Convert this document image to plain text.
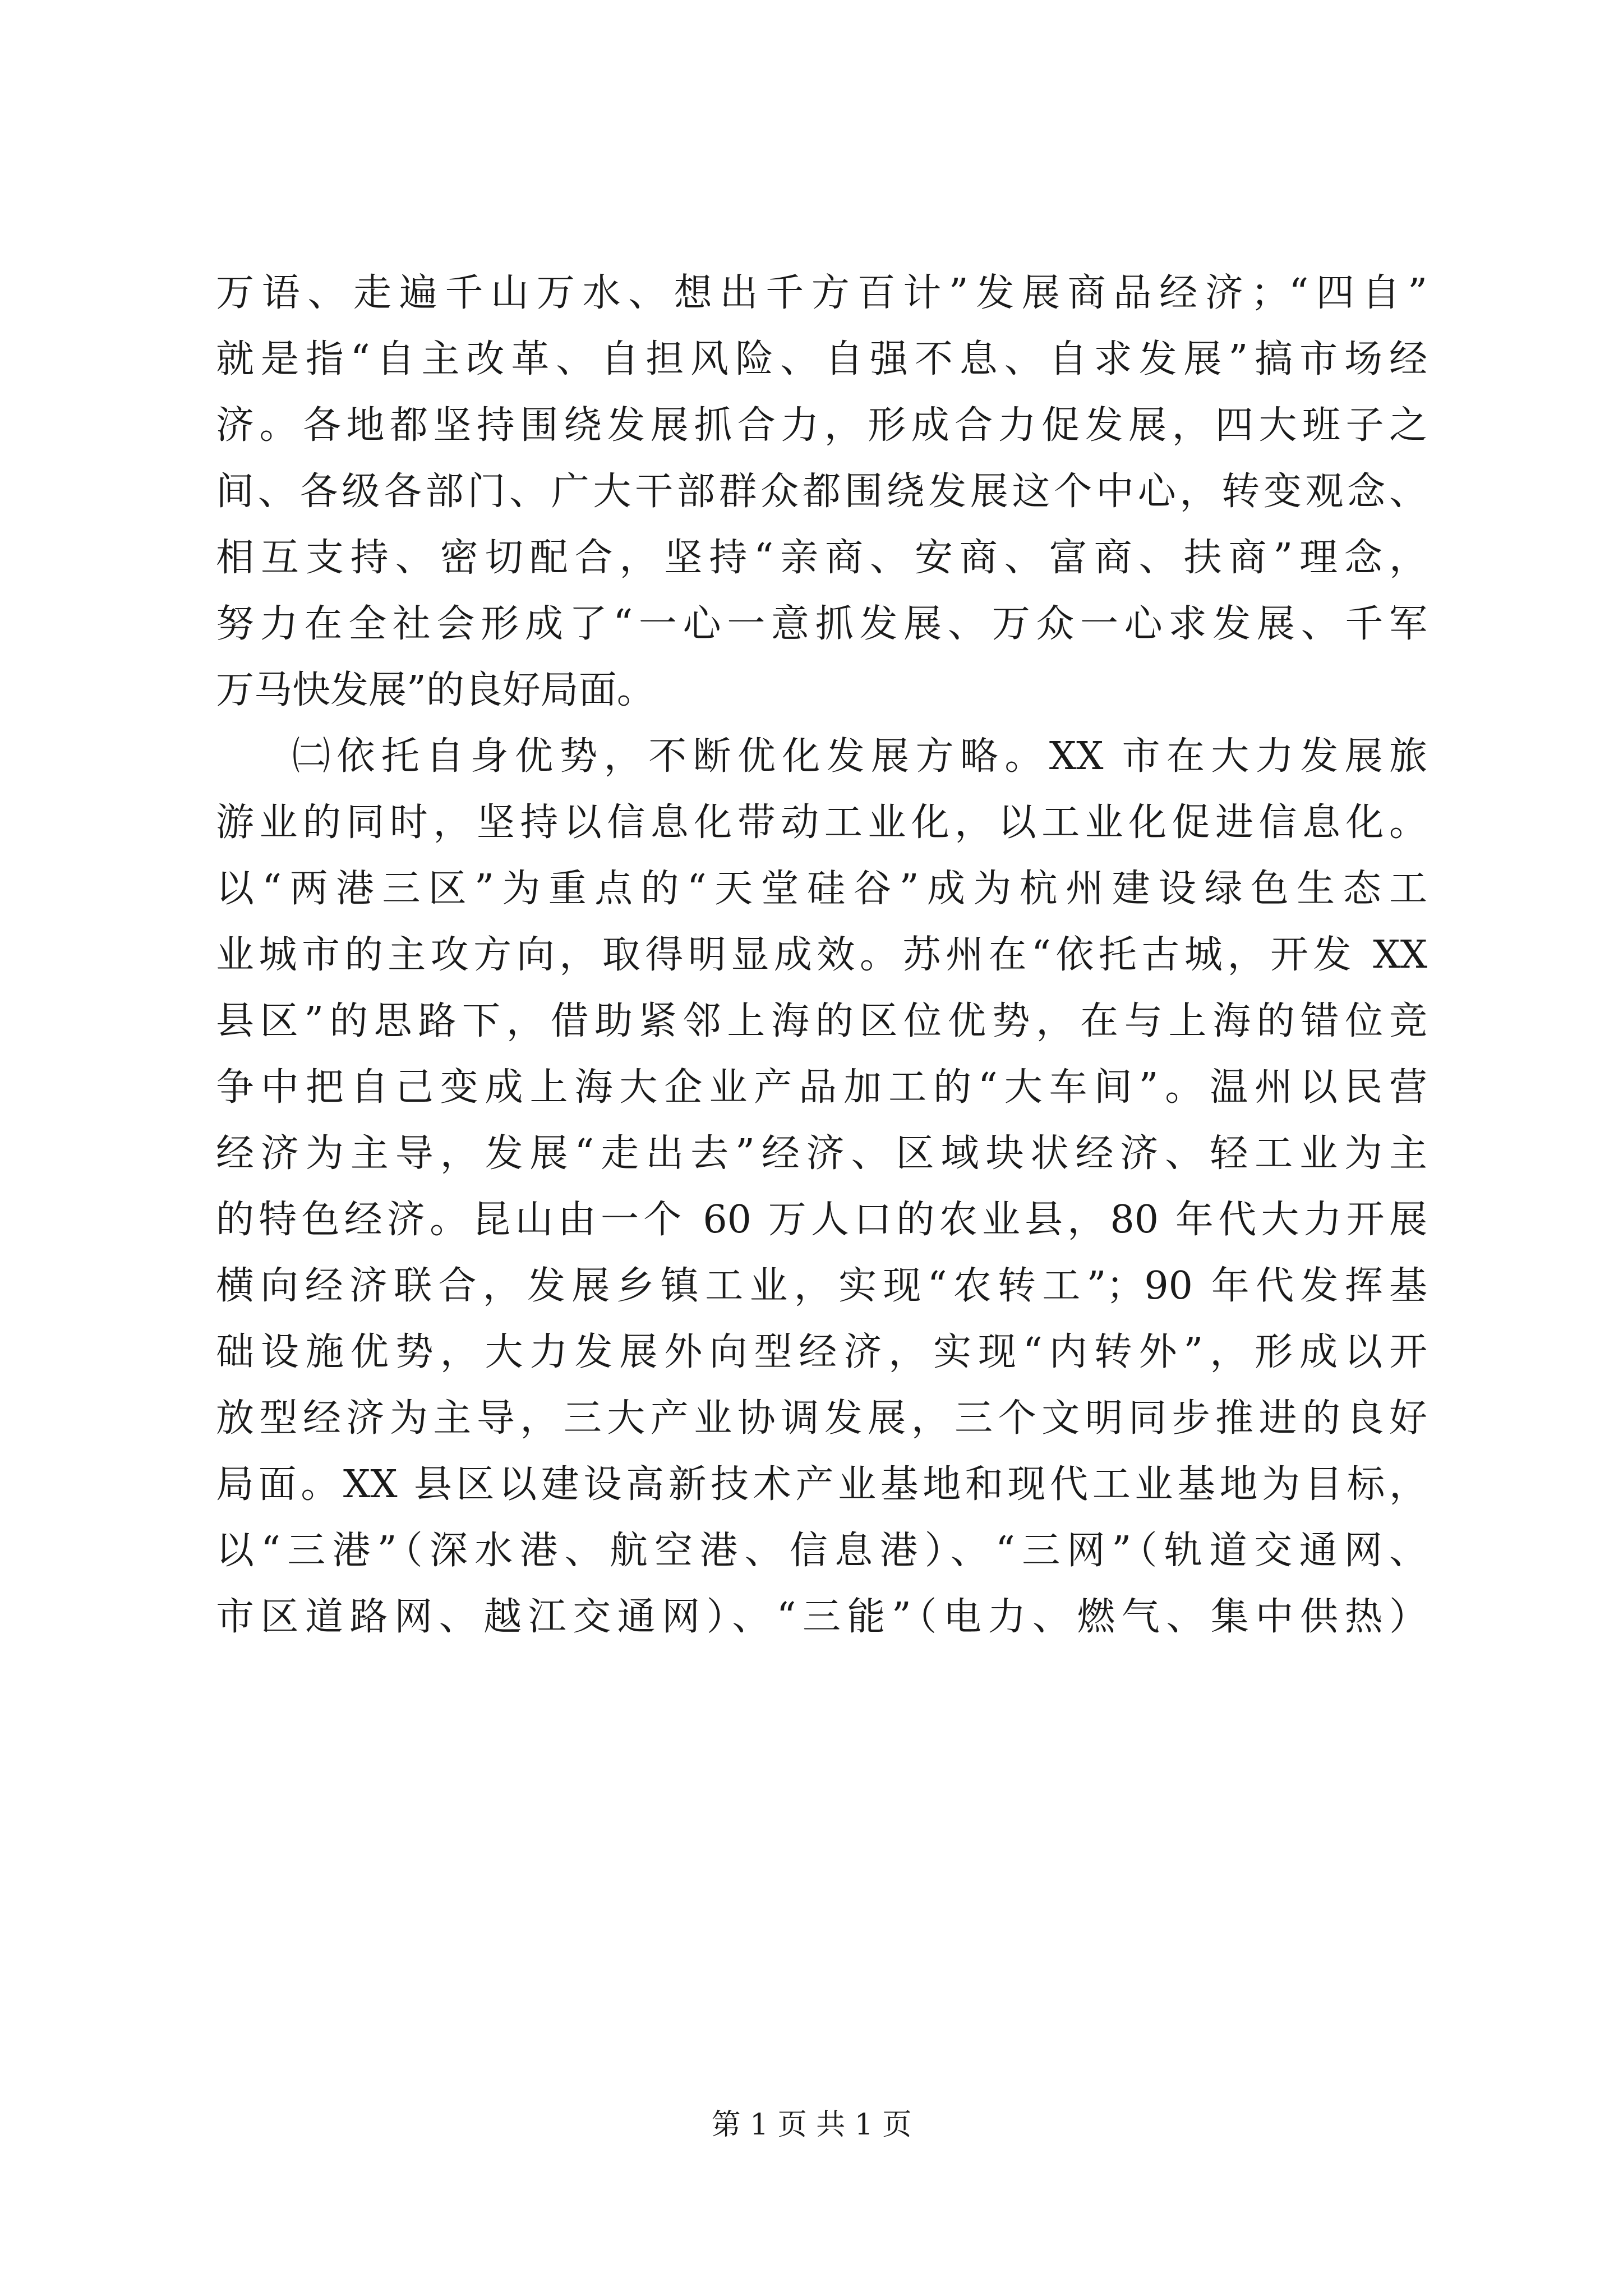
万语、走遍千山万水、想出千方百计”发展商品经济；“四自”
就是指“自主改革、自担风险、自强不息、自求发展”搞市场经
济。各地都坚持围绕发展抓合力，形成合力促发展，四大班子之
间、各级各部门、广大干部群众都围绕发展这个中心，转变观念、
相互支持、密切配合，坚持“亲商、安商、富商、扶商”理念，
努力在全社会形成了“一心一意抓发展、万众一心求发展、千军
万马快发展”的良好局面。
㈡依托自身优势，不断优化发展方略。XX 市在大力发展旅
游业的同时，坚持以信息化带动工业化，以工业化促进信息化。
以“两港三区”为重点的“天堂硅谷”成为杭州建设绿色生态工
业城市的主攻方向，取得明显成效。苏州在“依托古城，开发 XX
县区”的思路下，借助紧邻上海的区位优势，在与上海的错位竞
争中把自己变成上海大企业产品加工的“大车间”。温州以民营
经济为主导，发展“走出去”经济、区域块状经济、轻工业为主
的特色经济。昆山由一个 60 万人口的农业县，80 年代大力开展
横向经济联合，发展乡镇工业，实现“农转工”；90 年代发挥基
础设施优势，大力发展外向型经济，实现“内转外”，形成以开
放型经济为主导，三大产业协调发展，三个文明同步推进的良好
局面。XX 县区以建设高新技术产业基地和现代工业基地为目标，
以“三港”（深水港、航空港、信息港）、“三网”（轨道交通网、
市区道路网、越江交通网）、“三能”（电力、燃气、集中供热）
第 1 页 共 1 页
